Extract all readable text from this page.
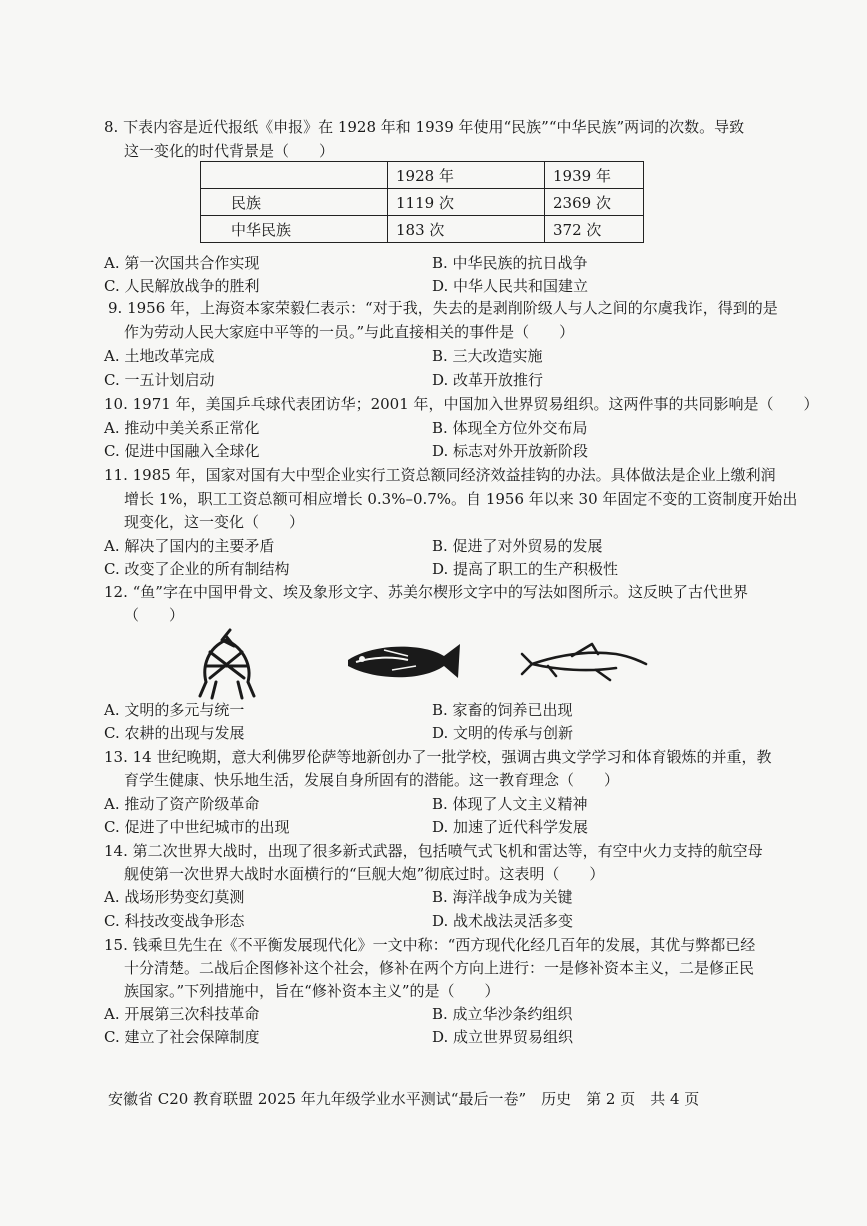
8. 下表内容是近代报纸《申报》在 1928 年和 1939 年使用“民族”“中华民族”两词的次数。导致
这一变化的时代背景是（　　）
	1928 年	1939 年
民族	1119 次	2369 次
中华民族	183 次	372 次
A. 第一次国共合作实现	B. 中华民族的抗日战争
C. 人民解放战争的胜利	D. 中华人民共和国建立
9. 1956 年，上海资本家荣毅仁表示：“对于我，失去的是剥削阶级人与人之间的尔虞我诈，得到的是
作为劳动人民大家庭中平等的一员。”与此直接相关的事件是（　　）
A. 土地改革完成	B. 三大改造实施
C. 一五计划启动	D. 改革开放推行
10. 1971 年，美国乒乓球代表团访华；2001 年，中国加入世界贸易组织。这两件事的共同影响是（　　）
A. 推动中美关系正常化	B. 体现全方位外交布局
C. 促进中国融入全球化	D. 标志对外开放新阶段
11. 1985 年，国家对国有大中型企业实行工资总额同经济效益挂钩的办法。具体做法是企业上缴利润
增长 1%，职工工资总额可相应增长 0.3%–0.7%。自 1956 年以来 30 年固定不变的工资制度开始出
现变化，这一变化（　　）
A. 解决了国内的主要矛盾	B. 促进了对外贸易的发展
C. 改变了企业的所有制结构	D. 提高了职工的生产积极性
12. “鱼”字在中国甲骨文、埃及象形文字、苏美尔楔形文字中的写法如图所示。这反映了古代世界
（　　）
A. 文明的多元与统一	B. 家畜的饲养已出现
C. 农耕的出现与发展	D. 文明的传承与创新
13. 14 世纪晚期，意大利佛罗伦萨等地新创办了一批学校，强调古典文学学习和体育锻炼的并重，教
育学生健康、快乐地生活，发展自身所固有的潜能。这一教育理念（　　）
A. 推动了资产阶级革命	B. 体现了人文主义精神
C. 促进了中世纪城市的出现	D. 加速了近代科学发展
14. 第二次世界大战时，出现了很多新式武器，包括喷气式飞机和雷达等，有空中火力支持的航空母
舰使第一次世界大战时水面横行的“巨舰大炮”彻底过时。这表明（　　）
A. 战场形势变幻莫测	B. 海洋战争成为关键
C. 科技改变战争形态	D. 战术战法灵活多变
15. 钱乘旦先生在《不平衡发展现代化》一文中称：“西方现代化经几百年的发展，其优与弊都已经
十分清楚。二战后企图修补这个社会，修补在两个方向上进行：一是修补资本主义，二是修正民
族国家。”下列措施中，旨在“修补资本主义”的是（　　）
A. 开展第三次科技革命	B. 成立华沙条约组织
C. 建立了社会保障制度	D. 成立世界贸易组织
安徽省 C20 教育联盟 2025 年九年级学业水平测试“最后一卷”　历史　第 2 页　共 4 页
